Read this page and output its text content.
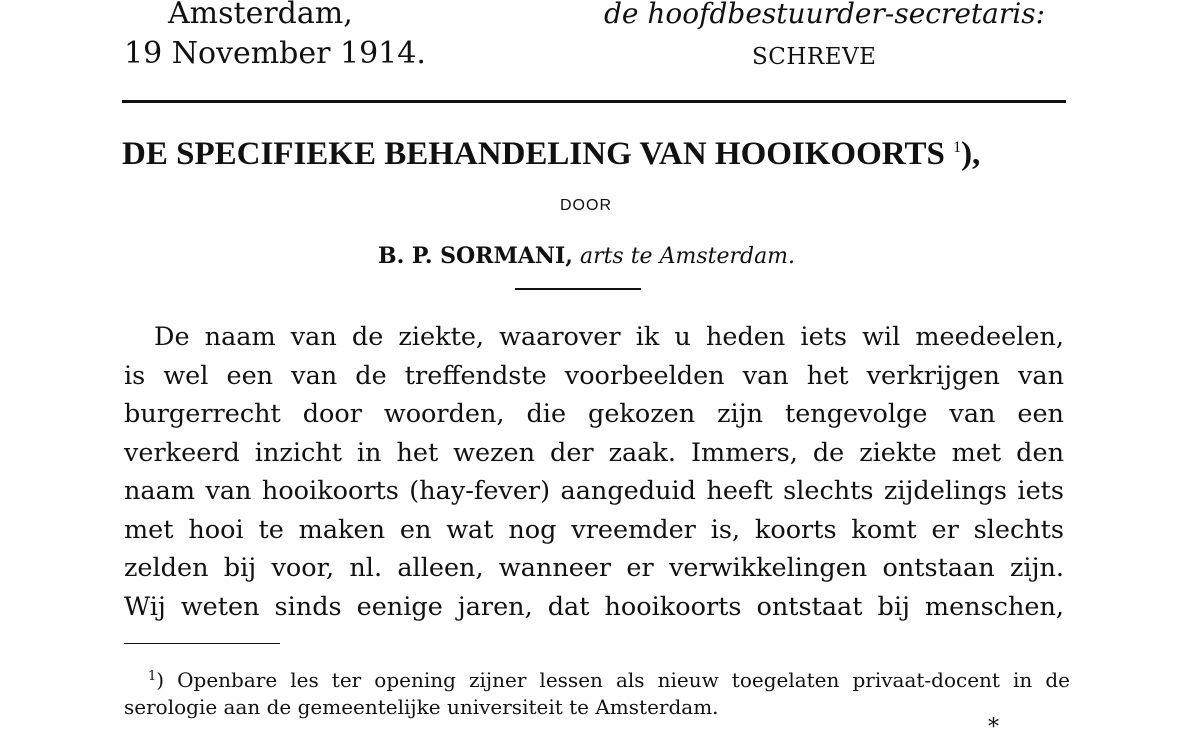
Amsterdam,
19 November 1914.
de hoofdbestuurder-secretaris:
SCHREVE
DE SPECIFIEKE BEHANDELING VAN HOOIKOORTS $^1$),
DOOR
B. P. SORMANI, arts te Amsterdam.
De naam van de ziekte, waarover ik u heden iets wil meedeelen,
is wel een van de treffendste voorbeelden van het verkrijgen van
burgerrecht door woorden, die gekozen zijn tengevolge van een
verkeerd inzicht in het wezen der zaak. Immers, de ziekte met den
naam van hooikoorts (hay-fever) aangeduid heeft slechts zijdelings iets
met hooi te maken en wat nog vreemder is, koorts komt er slechts
zelden bij voor, nl. alleen, wanneer er verwikkelingen ontstaan zijn.
Wij weten sinds eenige jaren, dat hooikoorts ontstaat bij menschen,
$^1$) Openbare les ter opening zijner lessen als nieuw toegelaten privaat-docent in de
serologie aan de gemeentelijke universiteit te Amsterdam.
*
